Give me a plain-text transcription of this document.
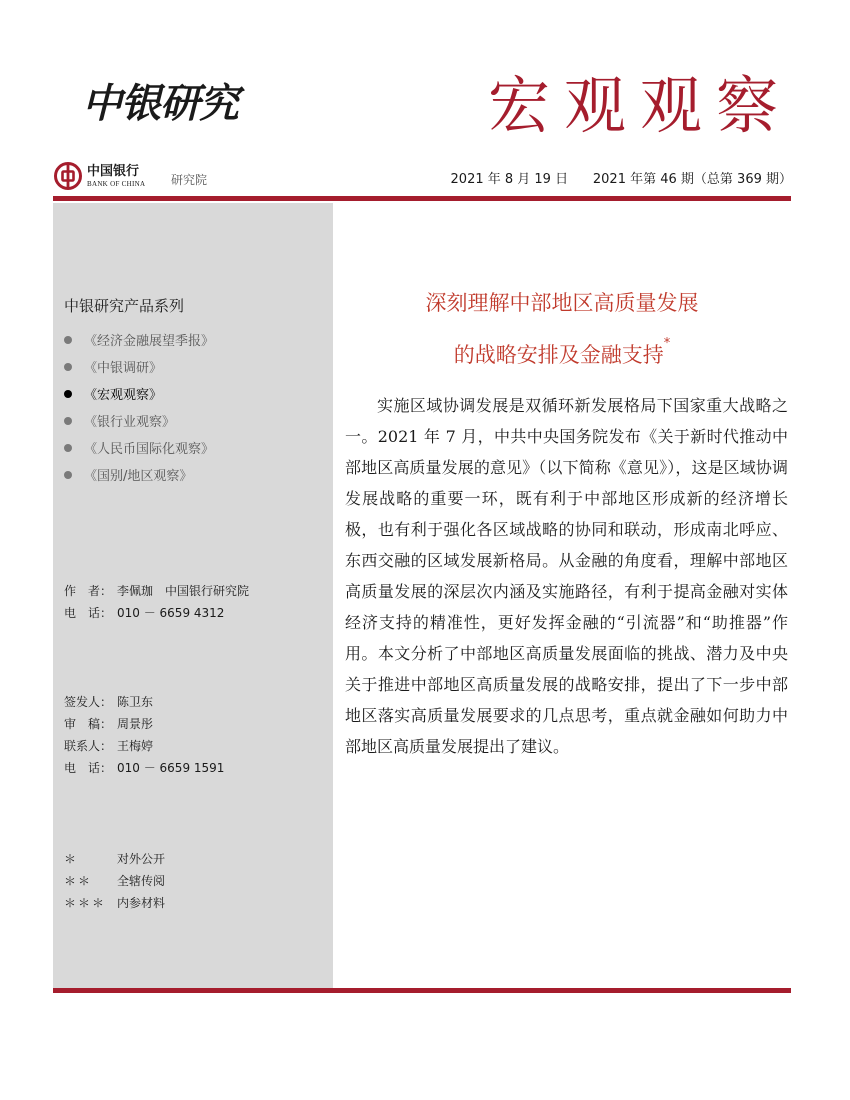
中银研究	宏观观察
中国银行
BANK OF CHINA 研究院	2021 年 8 月 19 日 2021 年第 46 期（总第 369 期）
中银研究产品系列
《经济金融展望季报》
《中银调研》
《宏观观察》
《银行业观察》
《人民币国际化观察》
《国别/地区观察》
作　者： 李佩珈　中国银行研究院
电　话： 010 － 6659 4312
签发人： 陈卫东
审　稿： 周景彤
联系人： 王梅婷
电　话： 010 － 6659 1591
＊	对外公开
＊＊	全辖传阅
＊＊＊ 内参材料
深刻理解中部地区高质量发展
的战略安排及金融支持*

实施区域协调发展是双循环新发展格局下国家重大战略之一。2021 年 7 月，中共中央国务院发布《关于新时代推动中部地区高质量发展的意见》（以下简称《意见》），这是区域协调发展战略的重要一环，既有利于中部地区形成新的经济增长极，也有利于强化各区域战略的协同和联动，形成南北呼应、东西交融的区域发展新格局。从金融的角度看，理解中部地区高质量发展的深层次内涵及实施路径，有利于提高金融对实体经济支持的精准性，更好发挥金融的“引流器”和“助推器”作用。本文分析了中部地区高质量发展面临的挑战、潜力及中央关于推进中部地区高质量发展的战略安排，提出了下一步中部地区落实高质量发展要求的几点思考，重点就金融如何助力中部地区高质量发展提出了建议。
